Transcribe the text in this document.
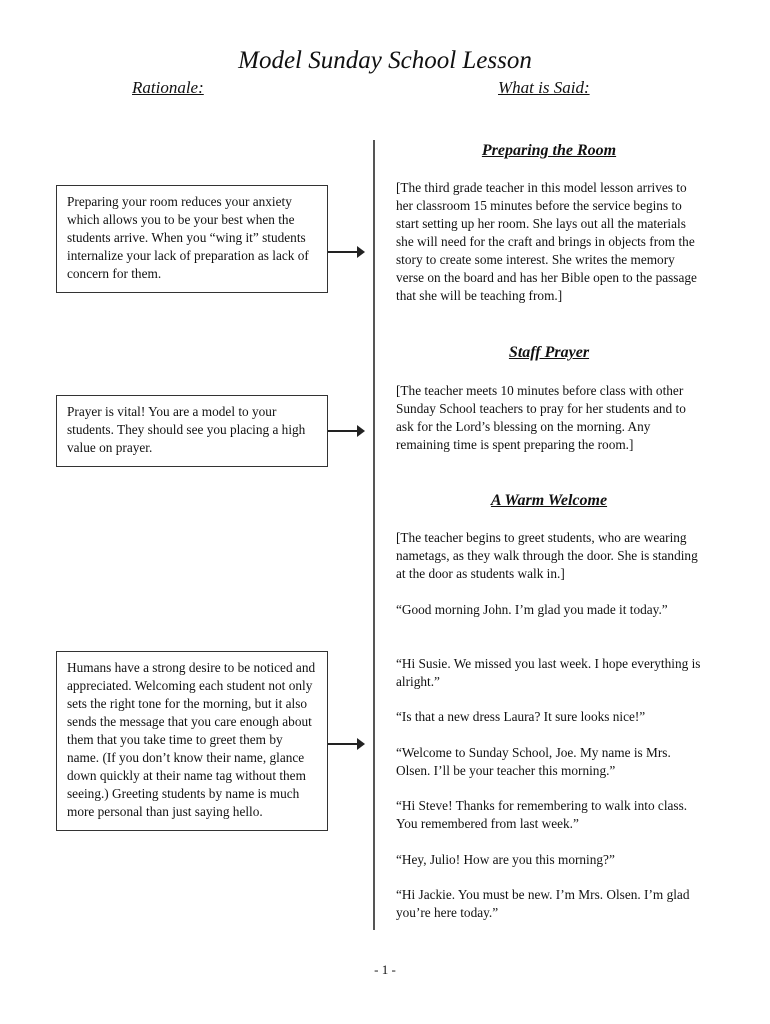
Model Sunday School Lesson
Rationale:	What is Said:
Preparing your room reduces your anxiety which allows you to be your best when the students arrive. When you “wing it” students internalize your lack of preparation as lack of concern for them.
Prayer is vital! You are a model to your students. They should see you placing a high value on prayer.
Humans have a strong desire to be noticed and appreciated. Welcoming each student not only sets the right tone for the morning, but it also sends the message that you care enough about them that you take time to greet them by name. (If you don’t know their name, glance down quickly at their name tag without them seeing.) Greeting students by name is much more personal than just saying hello.
Preparing the Room
[The third grade teacher in this model lesson arrives to her classroom 15 minutes before the service begins to start setting up her room. She lays out all the materials she will need for the craft and brings in objects from the story to create some interest. She writes the memory verse on the board and has her Bible open to the passage that she will be teaching from.]
Staff Prayer
[The teacher meets 10 minutes before class with other Sunday School teachers to pray for her students and to ask for the Lord’s blessing on the morning. Any remaining time is spent preparing the room.]
A Warm Welcome
[The teacher begins to greet students, who are wearing nametags, as they walk through the door. She is standing at the door as students walk in.]
“Good morning John. I’m glad you made it today.”
“Hi Susie. We missed you last week. I hope everything is alright.”
“Is that a new dress Laura? It sure looks nice!”
“Welcome to Sunday School, Joe. My name is Mrs. Olsen. I’ll be your teacher this morning.”
“Hi Steve! Thanks for remembering to walk into class. You remembered from last week.”
“Hey, Julio! How are you this morning?”
“Hi Jackie. You must be new. I’m Mrs. Olsen. I’m glad you’re here today.”
- 1 -
